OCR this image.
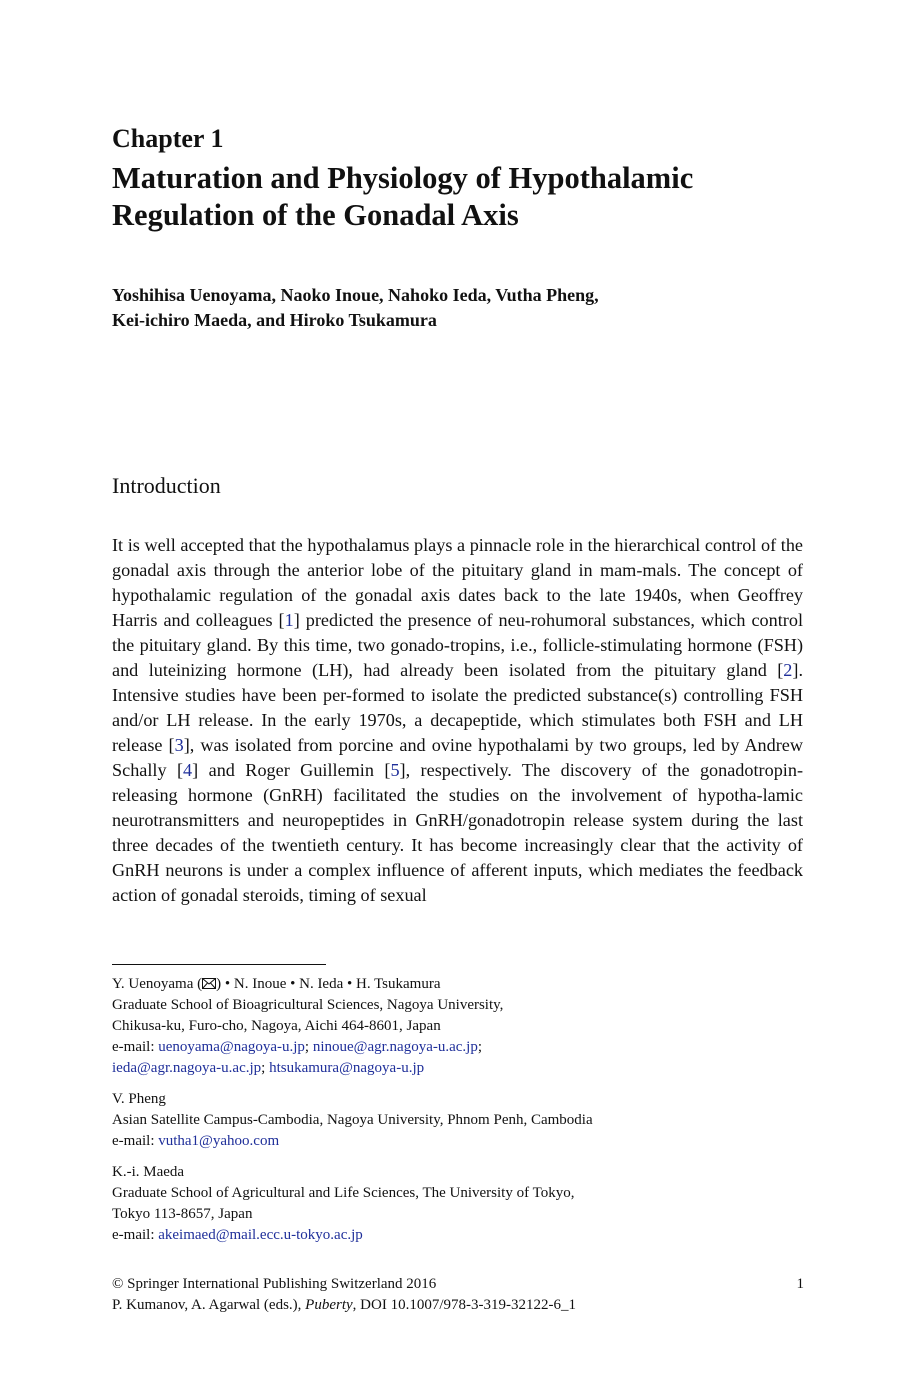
Chapter 1
Maturation and Physiology of Hypothalamic
Regulation of the Gonadal Axis
Yoshihisa Uenoyama, Naoko Inoue, Nahoko Ieda, Vutha Pheng,
Kei-ichiro Maeda, and Hiroko Tsukamura
Introduction
It is well accepted that the hypothalamus plays a pinnacle role in the hierarchical control of the gonadal axis through the anterior lobe of the pituitary gland in mam-mals. The concept of hypothalamic regulation of the gonadal axis dates back to the late 1940s, when Geoffrey Harris and colleagues [1] predicted the presence of neu-rohumoral substances, which control the pituitary gland. By this time, two gonado-tropins, i.e., follicle-stimulating hormone (FSH) and luteinizing hormone (LH), had already been isolated from the pituitary gland [2]. Intensive studies have been per-formed to isolate the predicted substance(s) controlling FSH and/or LH release. In the early 1970s, a decapeptide, which stimulates both FSH and LH release [3], was isolated from porcine and ovine hypothalami by two groups, led by Andrew Schally [4] and Roger Guillemin [5], respectively. The discovery of the gonadotropin-releasing hormone (GnRH) facilitated the studies on the involvement of hypotha-lamic neurotransmitters and neuropeptides in GnRH/gonadotropin release system during the last three decades of the twentieth century. It has become increasingly clear that the activity of GnRH neurons is under a complex influence of afferent inputs, which mediates the feedback action of gonadal steroids, timing of sexual
Y. Uenoyama ( ) • N. Inoue • N. Ieda • H. Tsukamura
Graduate School of Bioagricultural Sciences, Nagoya University,
Chikusa-ku, Furo-cho, Nagoya, Aichi 464-8601, Japan
e-mail: uenoyama@nagoya-u.jp; ninoue@agr.nagoya-u.ac.jp;
ieda@agr.nagoya-u.ac.jp; htsukamura@nagoya-u.jp
V. Pheng
Asian Satellite Campus-Cambodia, Nagoya University, Phnom Penh, Cambodia
e-mail: vutha1@yahoo.com
K.-i. Maeda
Graduate School of Agricultural and Life Sciences, The University of Tokyo,
Tokyo 113-8657, Japan
e-mail: akeimaed@mail.ecc.u-tokyo.ac.jp
© Springer International Publishing Switzerland 2016	1
P. Kumanov, A. Agarwal (eds.), Puberty, DOI 10.1007/978-3-319-32122-6_1
